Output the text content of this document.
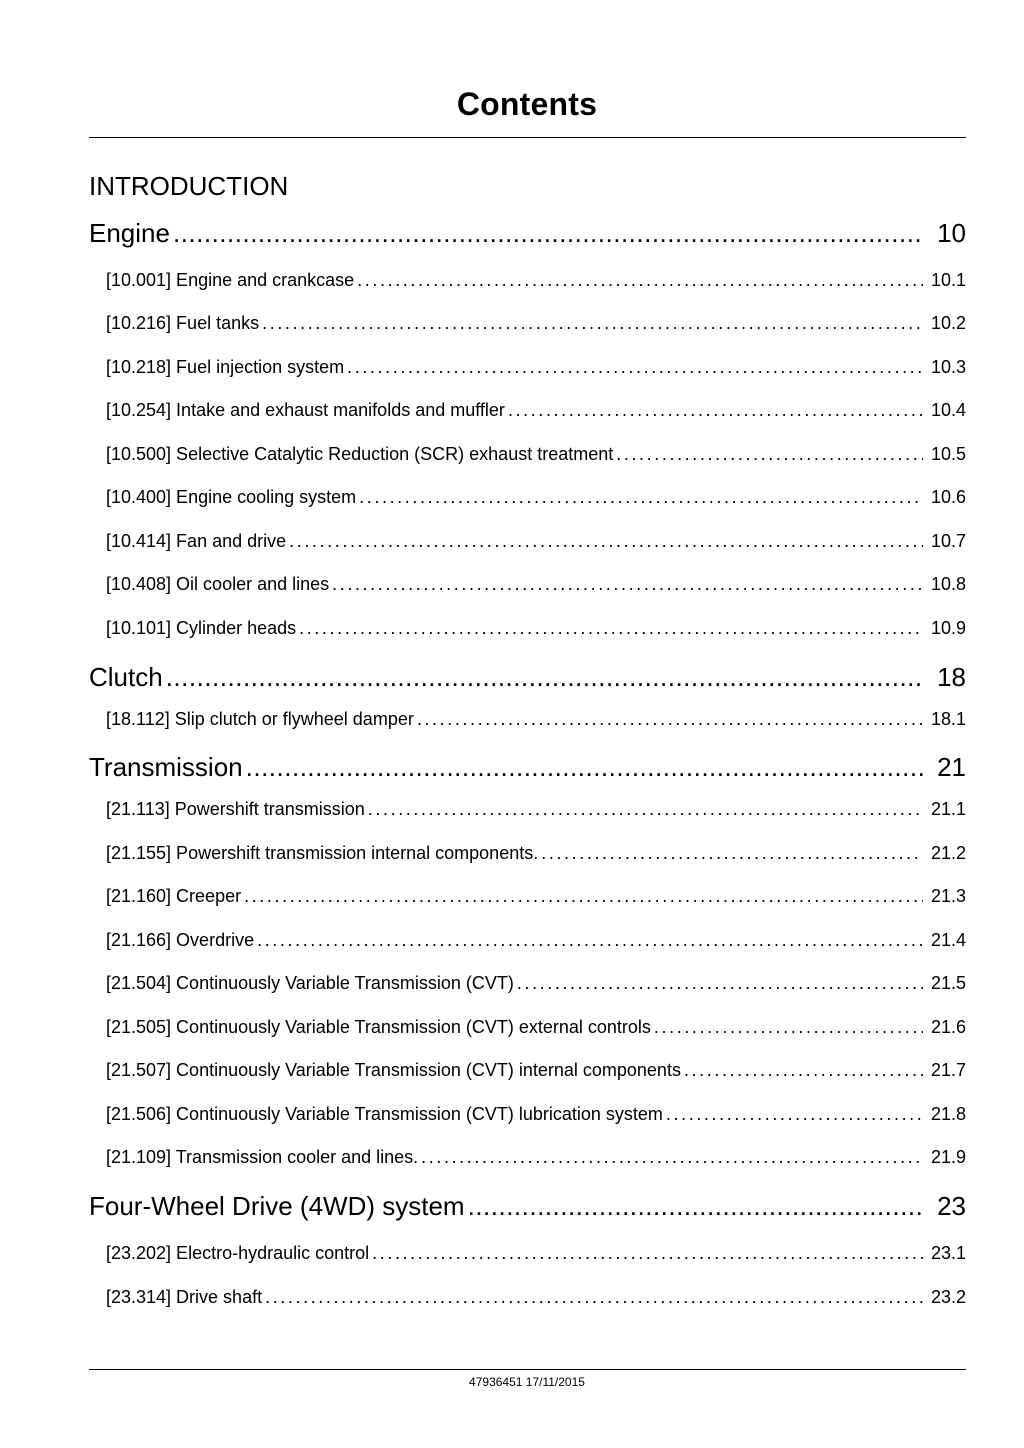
Contents
INTRODUCTION
Engine .....	10
[10.001] Engine and crankcase . . .	10.1
[10.216] Fuel tanks . . .	10.2
[10.218] Fuel injection system . . .	10.3
[10.254] Intake and exhaust manifolds and muffler . . .	10.4
[10.500] Selective Catalytic Reduction (SCR) exhaust treatment . . .	10.5
[10.400] Engine cooling system . . .	10.6
[10.414] Fan and drive . . .	10.7
[10.408] Oil cooler and lines . . .	10.8
[10.101] Cylinder heads . . .	10.9
Clutch .....	18
[18.112] Slip clutch or flywheel damper . . .	18.1
Transmission .....	21
[21.113] Powershift transmission . . .	21.1
[21.155] Powershift transmission internal components. . . .	21.2
[21.160] Creeper . . .	21.3
[21.166] Overdrive . . .	21.4
[21.504] Continuously Variable Transmission (CVT) . . .	21.5
[21.505] Continuously Variable Transmission (CVT) external controls . . .	21.6
[21.507] Continuously Variable Transmission (CVT) internal components . . .	21.7
[21.506] Continuously Variable Transmission (CVT) lubrication system . . .	21.8
[21.109] Transmission cooler and lines. . . .	21.9
Four-Wheel Drive (4WD) system .....	23
[23.202] Electro-hydraulic control . . .	23.1
[23.314] Drive shaft . . .	23.2
47936451 17/11/2015
